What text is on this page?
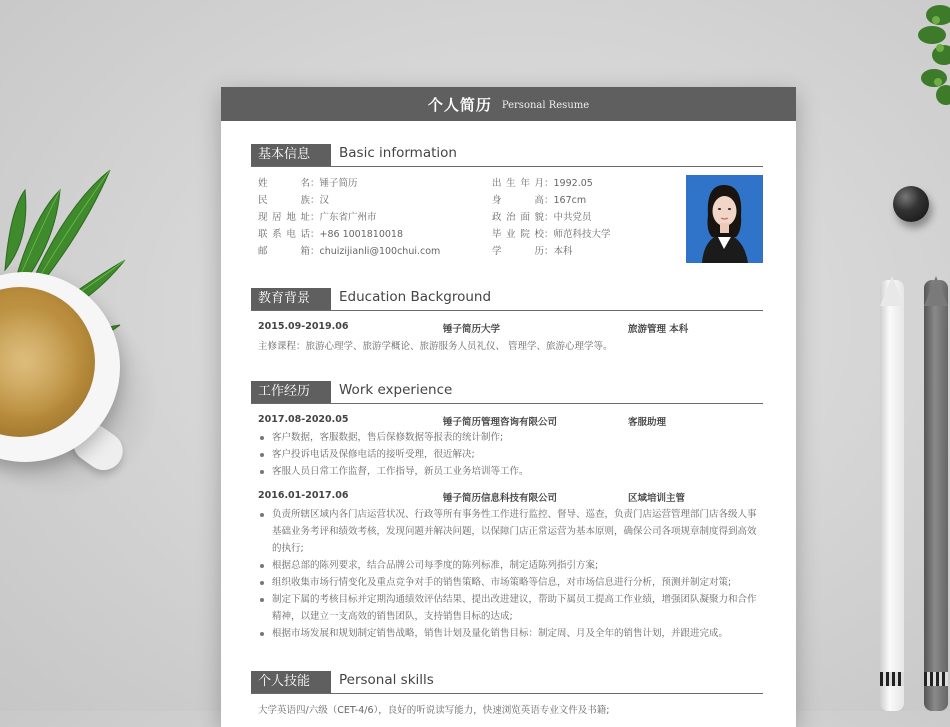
个人简历 Personal Resume
基本信息	Basic information
姓 名：锤子简历
民 族：汉
现居地址：广东省广州市
联系电话：+86 1001810018
邮 箱：chuizijianli@100chui.com
出生年月：1992.05
身 高：167cm
政治面貌：中共党员
毕业院校：师范科技大学
学 历：本科
教育背景	Education Background
2015.09-2019.06	锤子简历大学	旅游管理 本科
主修课程：旅游心理学、旅游学概论、旅游服务人员礼仪、 管理学、旅游心理学等。
工作经历	Work experience
2017.08-2020.05	锤子简历管理咨询有限公司	客服助理
客户数据，客服数据，售后保修数据等报表的统计制作;
客户投诉电话及保修电话的接听受理，很近解决;
客服人员日常工作监督，工作指导，新员工业务培训等工作。
2016.01-2017.06	锤子简历信息科技有限公司	区域培训主管
负责所辖区域内各门店运营状况、行政等所有事务性工作进行监控、督导、巡查，负责门店运营管理部门店各级人事基础业务考评和绩效考核，发现问题并解决问题，以保障门店正常运营为基本原则，确保公司各项规章制度得到高效的执行;
根据总部的陈列要求，结合品牌公司每季度的陈列标准，制定适陈列指引方案;
组织收集市场行情变化及重点竞争对手的销售策略、市场策略等信息，对市场信息进行分析，预测并制定对策;
制定下属的考核目标并定期沟通绩效评估结果、提出改进建议，帮助下属员工提高工作业绩，增强团队凝聚力和合作精神，以建立一支高效的销售团队，支持销售目标的达成;
根据市场发展和规划制定销售战略，销售计划及量化销售目标：制定周、月及全年的销售计划，并跟进完成。
个人技能	Personal skills
大学英语四/六级（CET-4/6），良好的听说读写能力，快速浏览英语专业文件及书籍;
